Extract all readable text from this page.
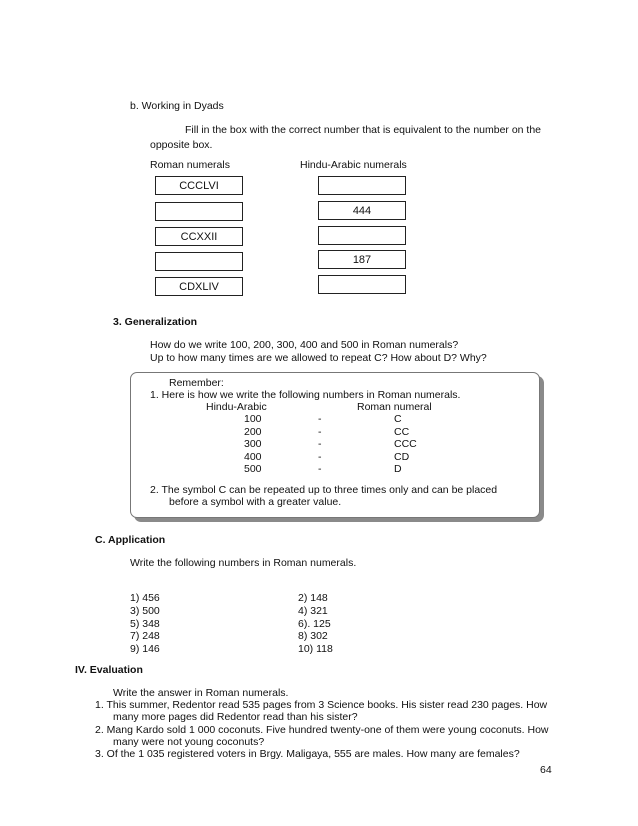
b. Working in Dyads
Fill in the box with the correct number that is equivalent to the number on the
opposite box.
Roman numerals	Hindu-Arabic numerals
CCCLVI
CCXXII
CDXLIV
444
187
3. Generalization
How do we write 100, 200, 300, 400 and 500 in Roman numerals?
Up to how many times are we allowed to repeat C? How about D? Why?
Remember:
1. Here is how we write the following numbers in Roman numerals.
Hindu-Arabic	Roman numeral
100
200
300
400
500
-
-
-
-
-
C
CC
CCC
CD
D
2. The symbol C can be repeated up to three times only and can be placed
before a symbol with a greater value.
C. Application
Write the following numbers in Roman numerals.
1) 456
3) 500
5) 348
7) 248
9) 146
2) 148
4) 321
6). 125
8) 302
10) 118
IV. Evaluation
Write the answer in Roman numerals.
1. This summer, Redentor read 535 pages from 3 Science books. His sister read 230 pages. How
many more pages did Redentor read than his sister?
2. Mang Kardo sold 1 000 coconuts. Five hundred twenty-one of them were young coconuts. How
many were not young coconuts?
3. Of the 1 035 registered voters in Brgy. Maligaya, 555 are males. How many are females?
64
